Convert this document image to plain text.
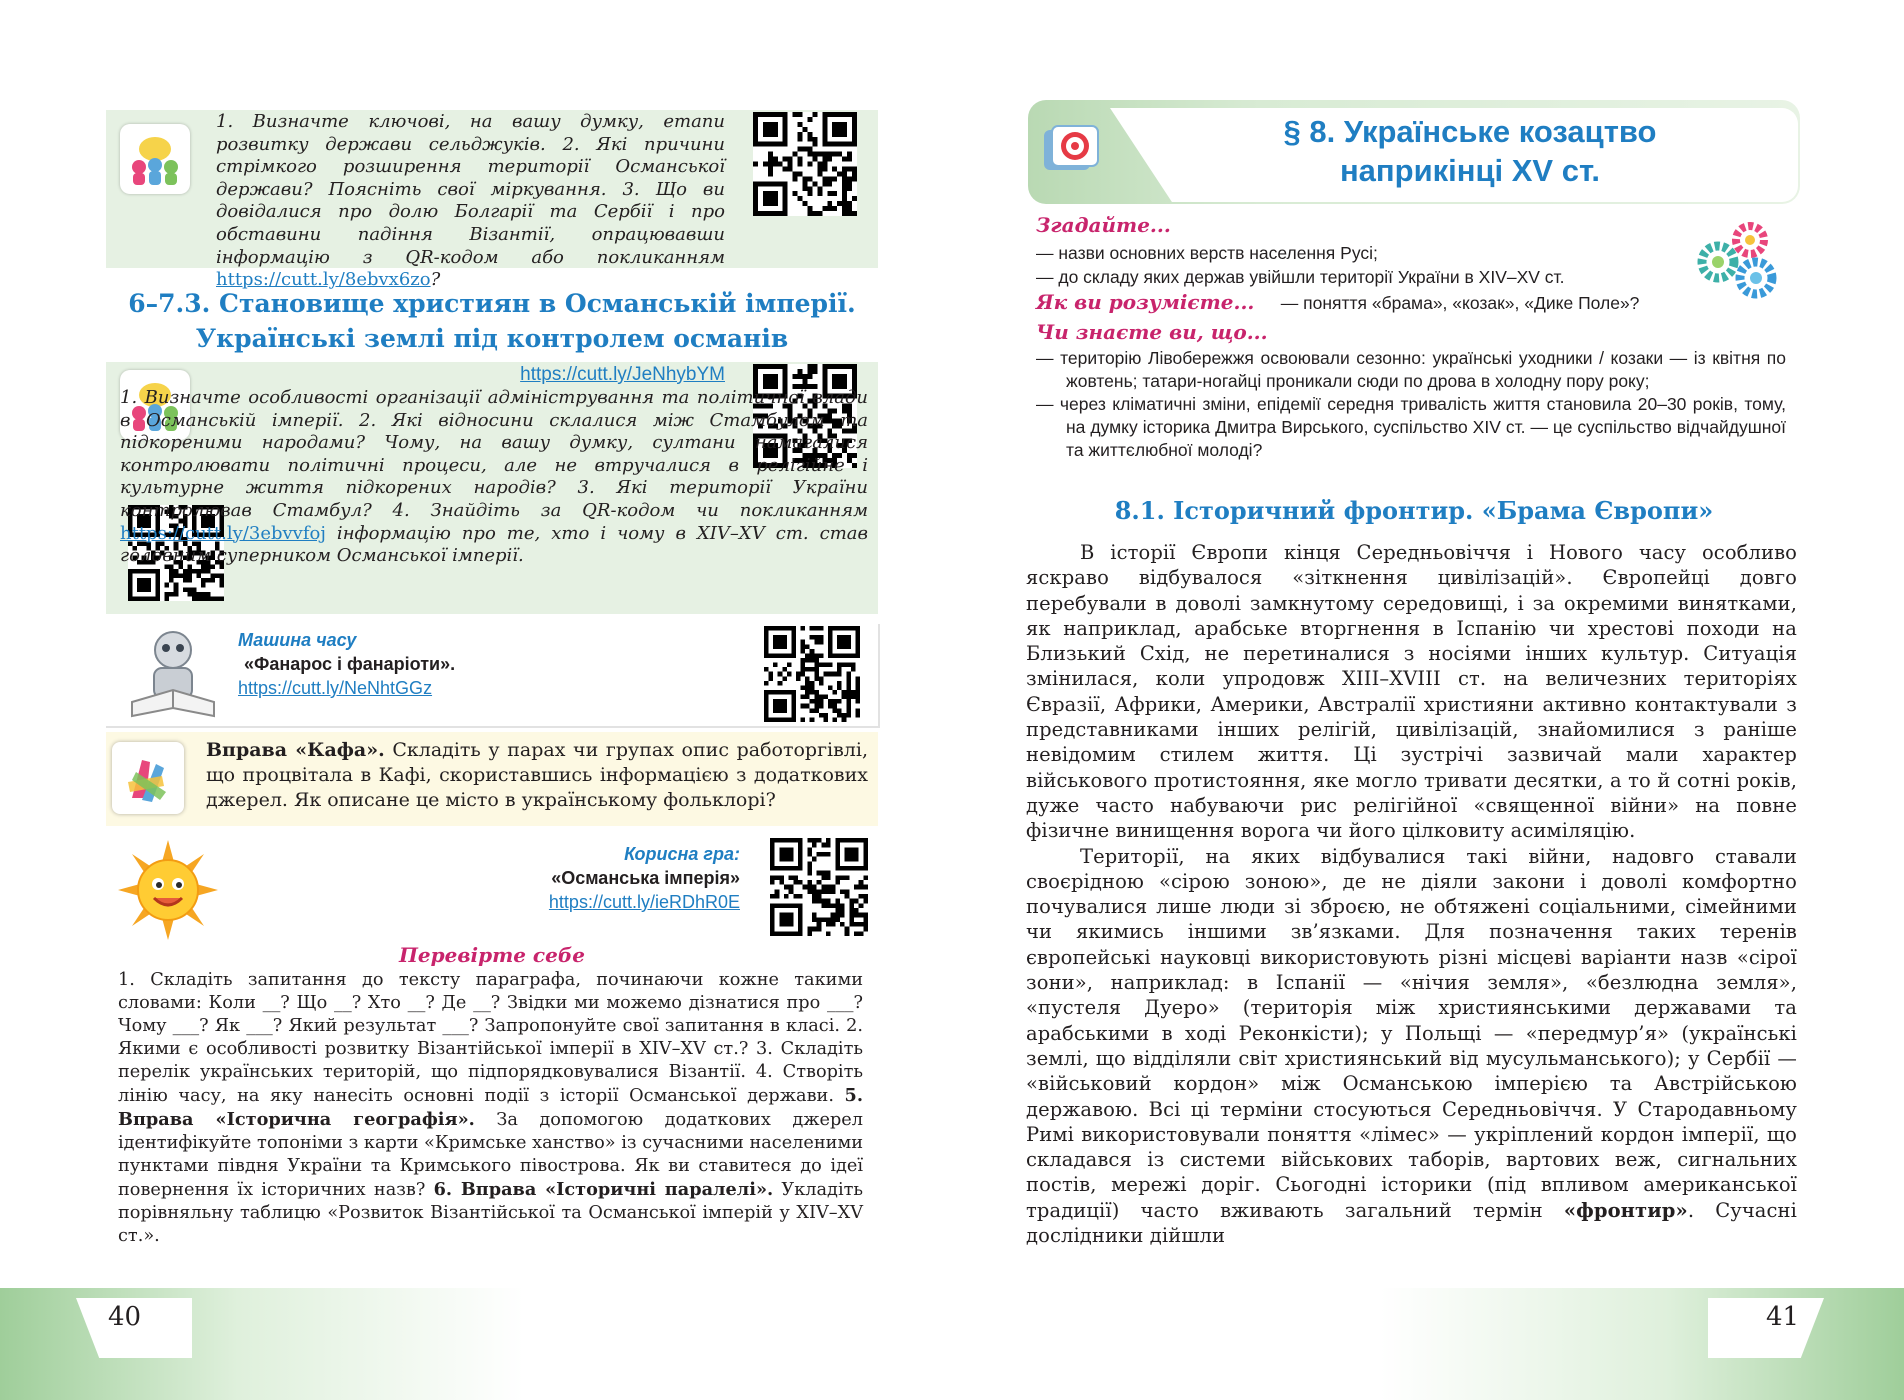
1. Визначте ключові, на вашу думку, етапи розвитку держави сельджуків. 2. Які причини стрімкого розширення території Османської держави? Поясніть свої міркування. 3. Що ви довідалися про долю Болгарії та Сербії і про обставини падіння Візантії, опрацювавши інформацію з QR-кодом або покликанням https://cutt.ly/8ebvx6zo?
6–7.3. Становище християн в Османській імперії.
Українські землі під контролем османів
https://cutt.ly/JeNhybYM
1. Визначте особливості організації адміністрування та політичної влади в Османській імперії. 2. Які відносини склалися між Стамбулом та підкореними народами? Чому, на вашу думку, султани намагалися контролювати політичні процеси, але не втручалися в релігійне і культурне життя підкорених народів? 3. Які території України контролював Стамбул? 4. Знайдіть за QR-кодом чи покликанням https://cutt.ly/3ebvvfoj інформацію про те, хто і чому в XIV–XV ст. став головним суперником Османської імперії.
Машина часу
«Фанарос і фанаріоти».
https://cutt.ly/NeNhtGGz
Вправа «Кафа». Складіть у парах чи групах опис работоргівлі, що процвітала в Кафі, скориставшись інформацією з додаткових джерел. Як описане це місто в українському фольклорі?
Корисна гра:
«Османська імперія»
https://cutt.ly/ieRDhR0E
Перевірте себе
1. Складіть запитання до тексту параграфа, починаючи кожне такими словами: Коли __? Що __? Хто __? Де __? Звідки ми можемо дізнатися про ___? Чому ___? Як ___? Який результат ___? Запропонуйте свої запитання в класі. 2. Якими є особливості розвитку Візантійської імперії в XIV–XV ст.? 3. Складіть перелік українських територій, що підпорядковувалися Візантії. 4. Створіть лінію часу, на яку нанесіть основні події з історії Османської держави. 5. Вправа «Історична географія». За допомогою додаткових джерел ідентифікуйте топоніми з карти «Кримське ханство» із сучасними населеними пунктами півдня України та Кримського півострова. Як ви ставитеся до ідеї повернення їх історичних назв? 6. Вправа «Історичні паралелі». Укладіть порівняльну таблицю «Розвиток Візантійської та Османської імперій у XIV–XV ст.».
40
§ 8. Українське козацтво
наприкінці XV ст.
Згадайте...
— назви основних верств населення Русі;
— до складу яких держав увійшли території України в XIV–XV ст.
Як ви розумієте... — поняття «брама», «козак», «Дике Поле»?
Чи знаєте ви, що...
— територію Лівобережжя освоювали сезонно: українські уходники / козаки — із квітня по жовтень; татари-ногайці проникали сюди по дрова в холодну пору року;
— через кліматичні зміни, епідемії середня тривалість життя становила 20–30 років, тому, на думку історика Дмитра Вирського, суспільство XIV ст. — це суспільство відчайдушної та життєлюбної молоді?
8.1. Історичний фронтир. «Брама Європи»
В історії Європи кінця Середньовіччя і Нового часу особливо яскраво відбувалося «зіткнення цивілізацій». Європейці довго перебували в доволі замкнутому середовищі, і за окремими винятками, як наприклад, арабське вторгнення в Іспанію чи хрестові походи на Близький Схід, не перетиналися з носіями інших культур. Ситуація змінилася, коли упродовж XIII–XVIII ст. на величезних територіях Євразії, Африки, Америки, Австралії християни активно контактували з представниками інших релігій, цивілізацій, знайомилися з раніше невідомим стилем життя. Ці зустрічі зазвичай мали характер військового протистояння, яке могло тривати десятки, а то й сотні років, дуже часто набуваючи рис релігійної «священної війни» на повне фізичне винищення ворога чи його цілковиту асиміляцію.
Території, на яких відбувалися такі війни, надовго ставали своєрідною «сірою зоною», де не діяли закони і доволі комфортно почувалися лише люди зі зброєю, не обтяжені соціальними, сімейними чи якимись іншими зв’язками. Для позначення таких теренів європейські науковці використовують різні місцеві варіанти назв «сірої зони», наприклад: в Іспанії — «нічия земля», «безлюдна земля», «пустеля Дуеро» (територія між християнськими державами та арабськими в ході Реконкісти); у Польщі — «передмур’я» (українські землі, що відділяли світ християнський від мусульманського); у Сербії — «військовий кордон» між Османською імперією та Австрійською державою. Всі ці терміни стосуються Середньовіччя. У Стародавньому Римі використовували поняття «лімес» — укріплений кордон імперії, що складався із системи військових таборів, вартових веж, сигнальних постів, мережі доріг. Сьогодні історики (під впливом американської традиції) часто вживають загальний термін «фронтир». Сучасні дослідники дійшли
41
